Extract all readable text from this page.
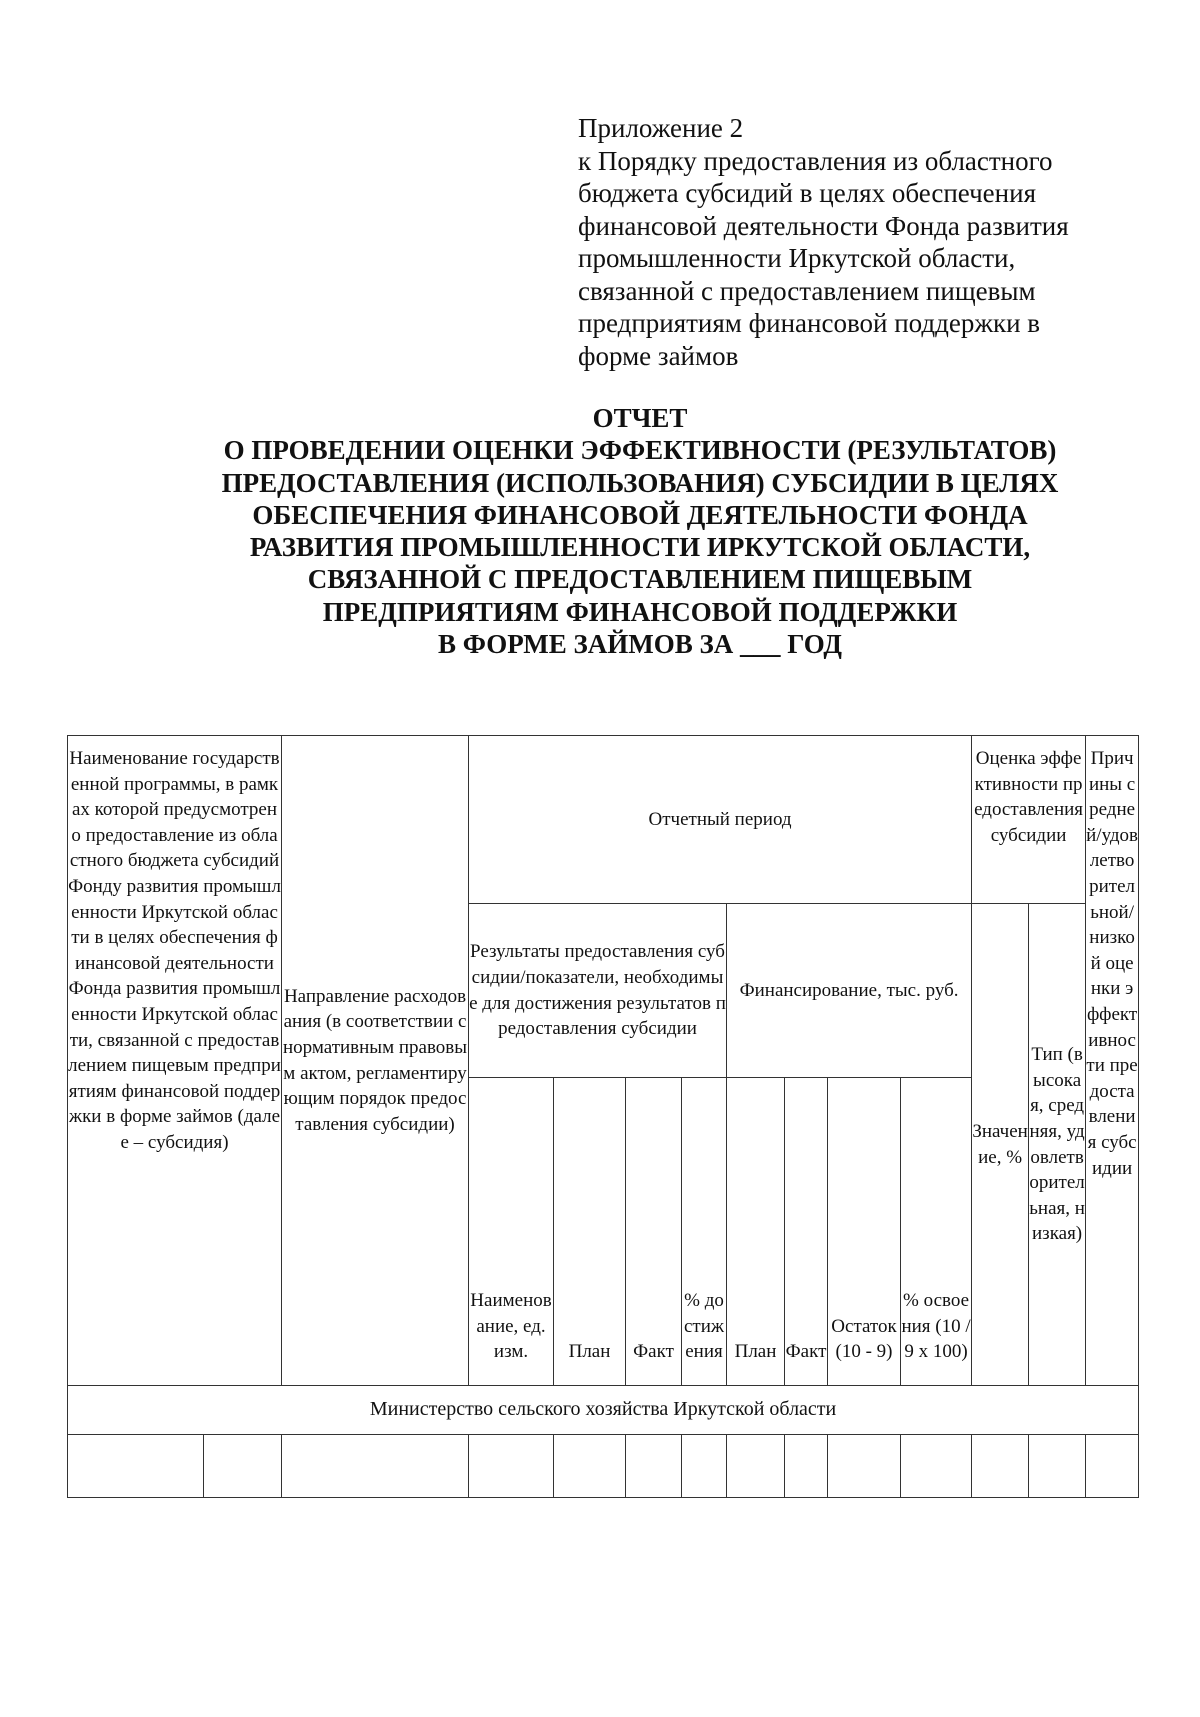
Приложение 2
к Порядку предоставления из областного
бюджета субсидий в целях обеспечения
финансовой деятельности Фонда развития
промышленности Иркутской области,
связанной с предоставлением пищевым
предприятиям финансовой поддержки в
форме займов
ОТЧЕТ
О ПРОВЕДЕНИИ ОЦЕНКИ ЭФФЕКТИВНОСТИ (РЕЗУЛЬТАТОВ)
ПРЕДОСТАВЛЕНИЯ (ИСПОЛЬЗОВАНИЯ) СУБСИДИИ В ЦЕЛЯХ
ОБЕСПЕЧЕНИЯ ФИНАНСОВОЙ ДЕЯТЕЛЬНОСТИ ФОНДА
РАЗВИТИЯ ПРОМЫШЛЕННОСТИ ИРКУТСКОЙ ОБЛАСТИ,
СВЯЗАННОЙ С ПРЕДОСТАВЛЕНИЕМ ПИЩЕВЫМ
ПРЕДПРИЯТИЯМ ФИНАНСОВОЙ ПОДДЕРЖКИ
В ФОРМЕ ЗАЙМОВ ЗА ___ ГОД
Наименование государственной программы, в рамках которой предусмотрено предоставление из областного бюджета субсидий Фонду развития промышленности Иркутской области в целях обеспечения финансовой деятельности Фонда развития промышленности Иркутской области, связанной с предоставлением пищевым предприятиям финансовой поддержки в форме займов (далее – субсидия)		Направление расходования (в соответствии с нормативным правовым актом, регламентирующим порядок предоставления субсидии)	Отчетный период								Оценка эффективности предоставления субсидии		Причины средней/удовлетворительной/низкой оценки эффективности предоставления субсидии
			Результаты предоставления субсидии/показатели, необходимые для достижения результатов предоставления субсидии				Финансирование, тыс. руб.				Значение, %	Тип (высокая, средняя, удовлетворительная, низкая)	
			Наименование, ед. изм.	План	Факт	% достижения	План	Факт	Остаток (10 - 9)	% освоения (10 / 9 х 100)			
Министерство сельского хозяйства Иркутской области													
